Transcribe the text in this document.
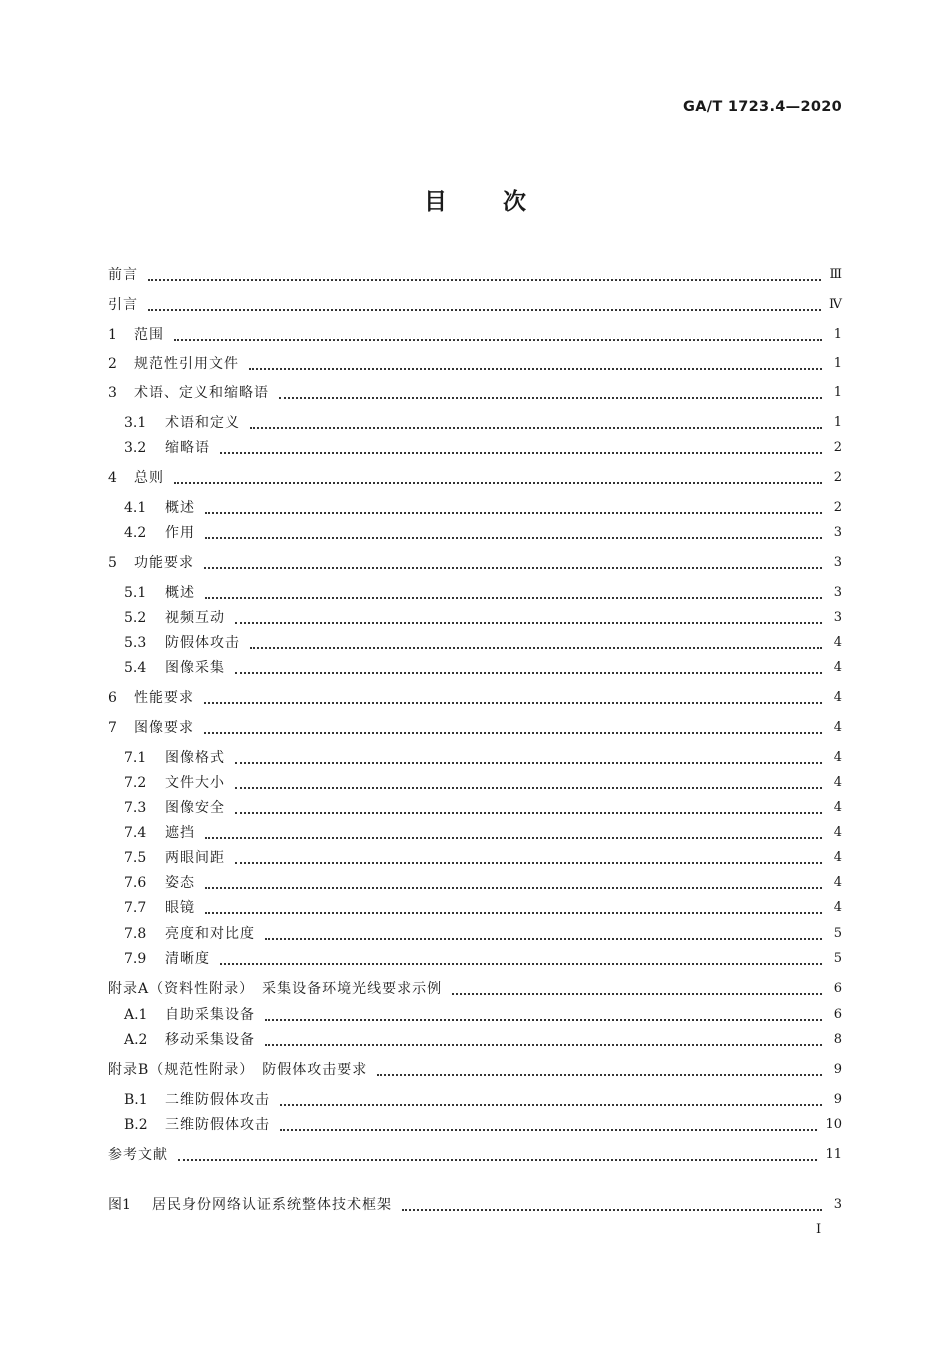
GA/T 1723.4—2020
目次
前言	Ⅲ
引言	Ⅳ
1 范围	1
2 规范性引用文件	1
3 术语、定义和缩略语	1
3.1 术语和定义	1
3.2 缩略语	2
4 总则	2
4.1 概述	2
4.2 作用	3
5 功能要求	3
5.1 概述	3
5.2 视频互动	3
5.3 防假体攻击	4
5.4 图像采集	4
6 性能要求	4
7 图像要求	4
7.1 图像格式	4
7.2 文件大小	4
7.3 图像安全	4
7.4 遮挡	4
7.5 两眼间距	4
7.6 姿态	4
7.7 眼镜	4
7.8 亮度和对比度	5
7.9 清晰度	5
附录A（资料性附录）　采集设备环境光线要求示例	6
A.1 自助采集设备	6
A.2 移动采集设备	8
附录B（规范性附录）　防假体攻击要求	9
B.1 二维防假体攻击	9
B.2 三维防假体攻击	10
参考文献	11
图1 居民身份网络认证系统整体技术框架	3
I
